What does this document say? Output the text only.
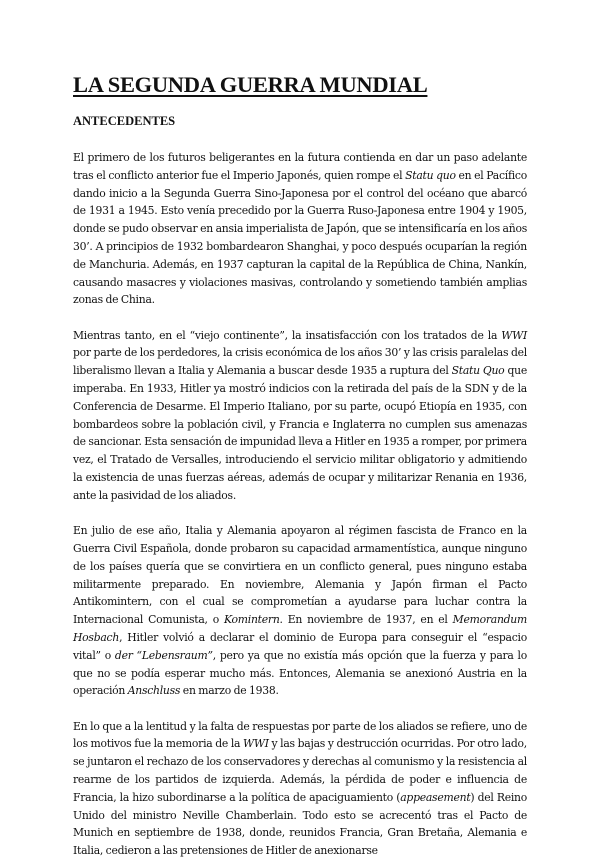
LA SEGUNDA GUERRA MUNDIAL
ANTECEDENTES

El primero de los futuros beligerantes en la futura contienda en dar un paso adelante tras el conflicto anterior fue el Imperio Japonés, quien rompe el Statu quo en el Pacífico dando inicio a la Segunda Guerra Sino-Japonesa por el control del océano que abarcó de 1931 a 1945. Esto venía precedido por la Guerra Ruso-Japonesa entre 1904 y 1905, donde se pudo observar en ansia imperialista de Japón, que se intensificaría en los años 30’. A principios de 1932 bombardearon Shanghai, y poco después ocuparían la región de Manchuria. Además, en 1937 capturan la capital de la República de China, Nankín, causando masacres y violaciones masivas, controlando y sometiendo también amplias zonas de China.

Mientras tanto, en el “viejo continente”, la insatisfacción con los tratados de la WWI por parte de los perdedores, la crisis económica de los años 30’ y las crisis paralelas del liberalismo llevan a Italia y Alemania a buscar desde 1935 a ruptura del Statu Quo que imperaba. En 1933, Hitler ya mostró indicios con la retirada del país de la SDN y de la Conferencia de Desarme. El Imperio Italiano, por su parte, ocupó Etiopía en 1935, con bombardeos sobre la población civil, y Francia e Inglaterra no cumplen sus amenazas de sancionar. Esta sensación de impunidad lleva a Hitler en 1935 a romper, por primera vez, el Tratado de Versalles, introduciendo el servicio militar obligatorio y admitiendo la existencia de unas fuerzas aéreas, además de ocupar y militarizar Renania en 1936, ante la pasividad de los aliados.

En julio de ese año, Italia y Alemania apoyaron al régimen fascista de Franco en la Guerra Civil Española, donde probaron su capacidad armamentística, aunque ninguno de los países quería que se convirtiera en un conflicto general, pues ninguno estaba militarmente preparado. En noviembre, Alemania y Japón firman el Pacto Antikomintern, con el cual se comprometían a ayudarse para luchar contra la Internacional Comunista, o Komintern. En noviembre de 1937, en el Memorandum Hosbach, Hitler volvió a declarar el dominio de Europa para conseguir el “espacio vital” o der “Lebensraum”, pero ya que no existía más opción que la fuerza y para lo que no se podía esperar mucho más. Entonces, Alemania se anexionó Austria en la operación Anschluss en marzo de 1938.

En lo que a la lentitud y la falta de respuestas por parte de los aliados se refiere, uno de los motivos fue la memoria de la WWI y las bajas y destrucción ocurridas. Por otro lado, se juntaron el rechazo de los conservadores y derechas al comunismo y la resistencia al rearme de los partidos de izquierda. Además, la pérdida de poder e influencia de Francia, la hizo subordinarse a la política de apaciguamiento (appeasement) del Reino Unido del ministro Neville Chamberlain. Todo esto se acrecentó tras el Pacto de Munich en septiembre de 1938, donde, reunidos Francia, Gran Bretaña, Alemania e Italia, cedieron a las pretensiones de Hitler de anexionarse
